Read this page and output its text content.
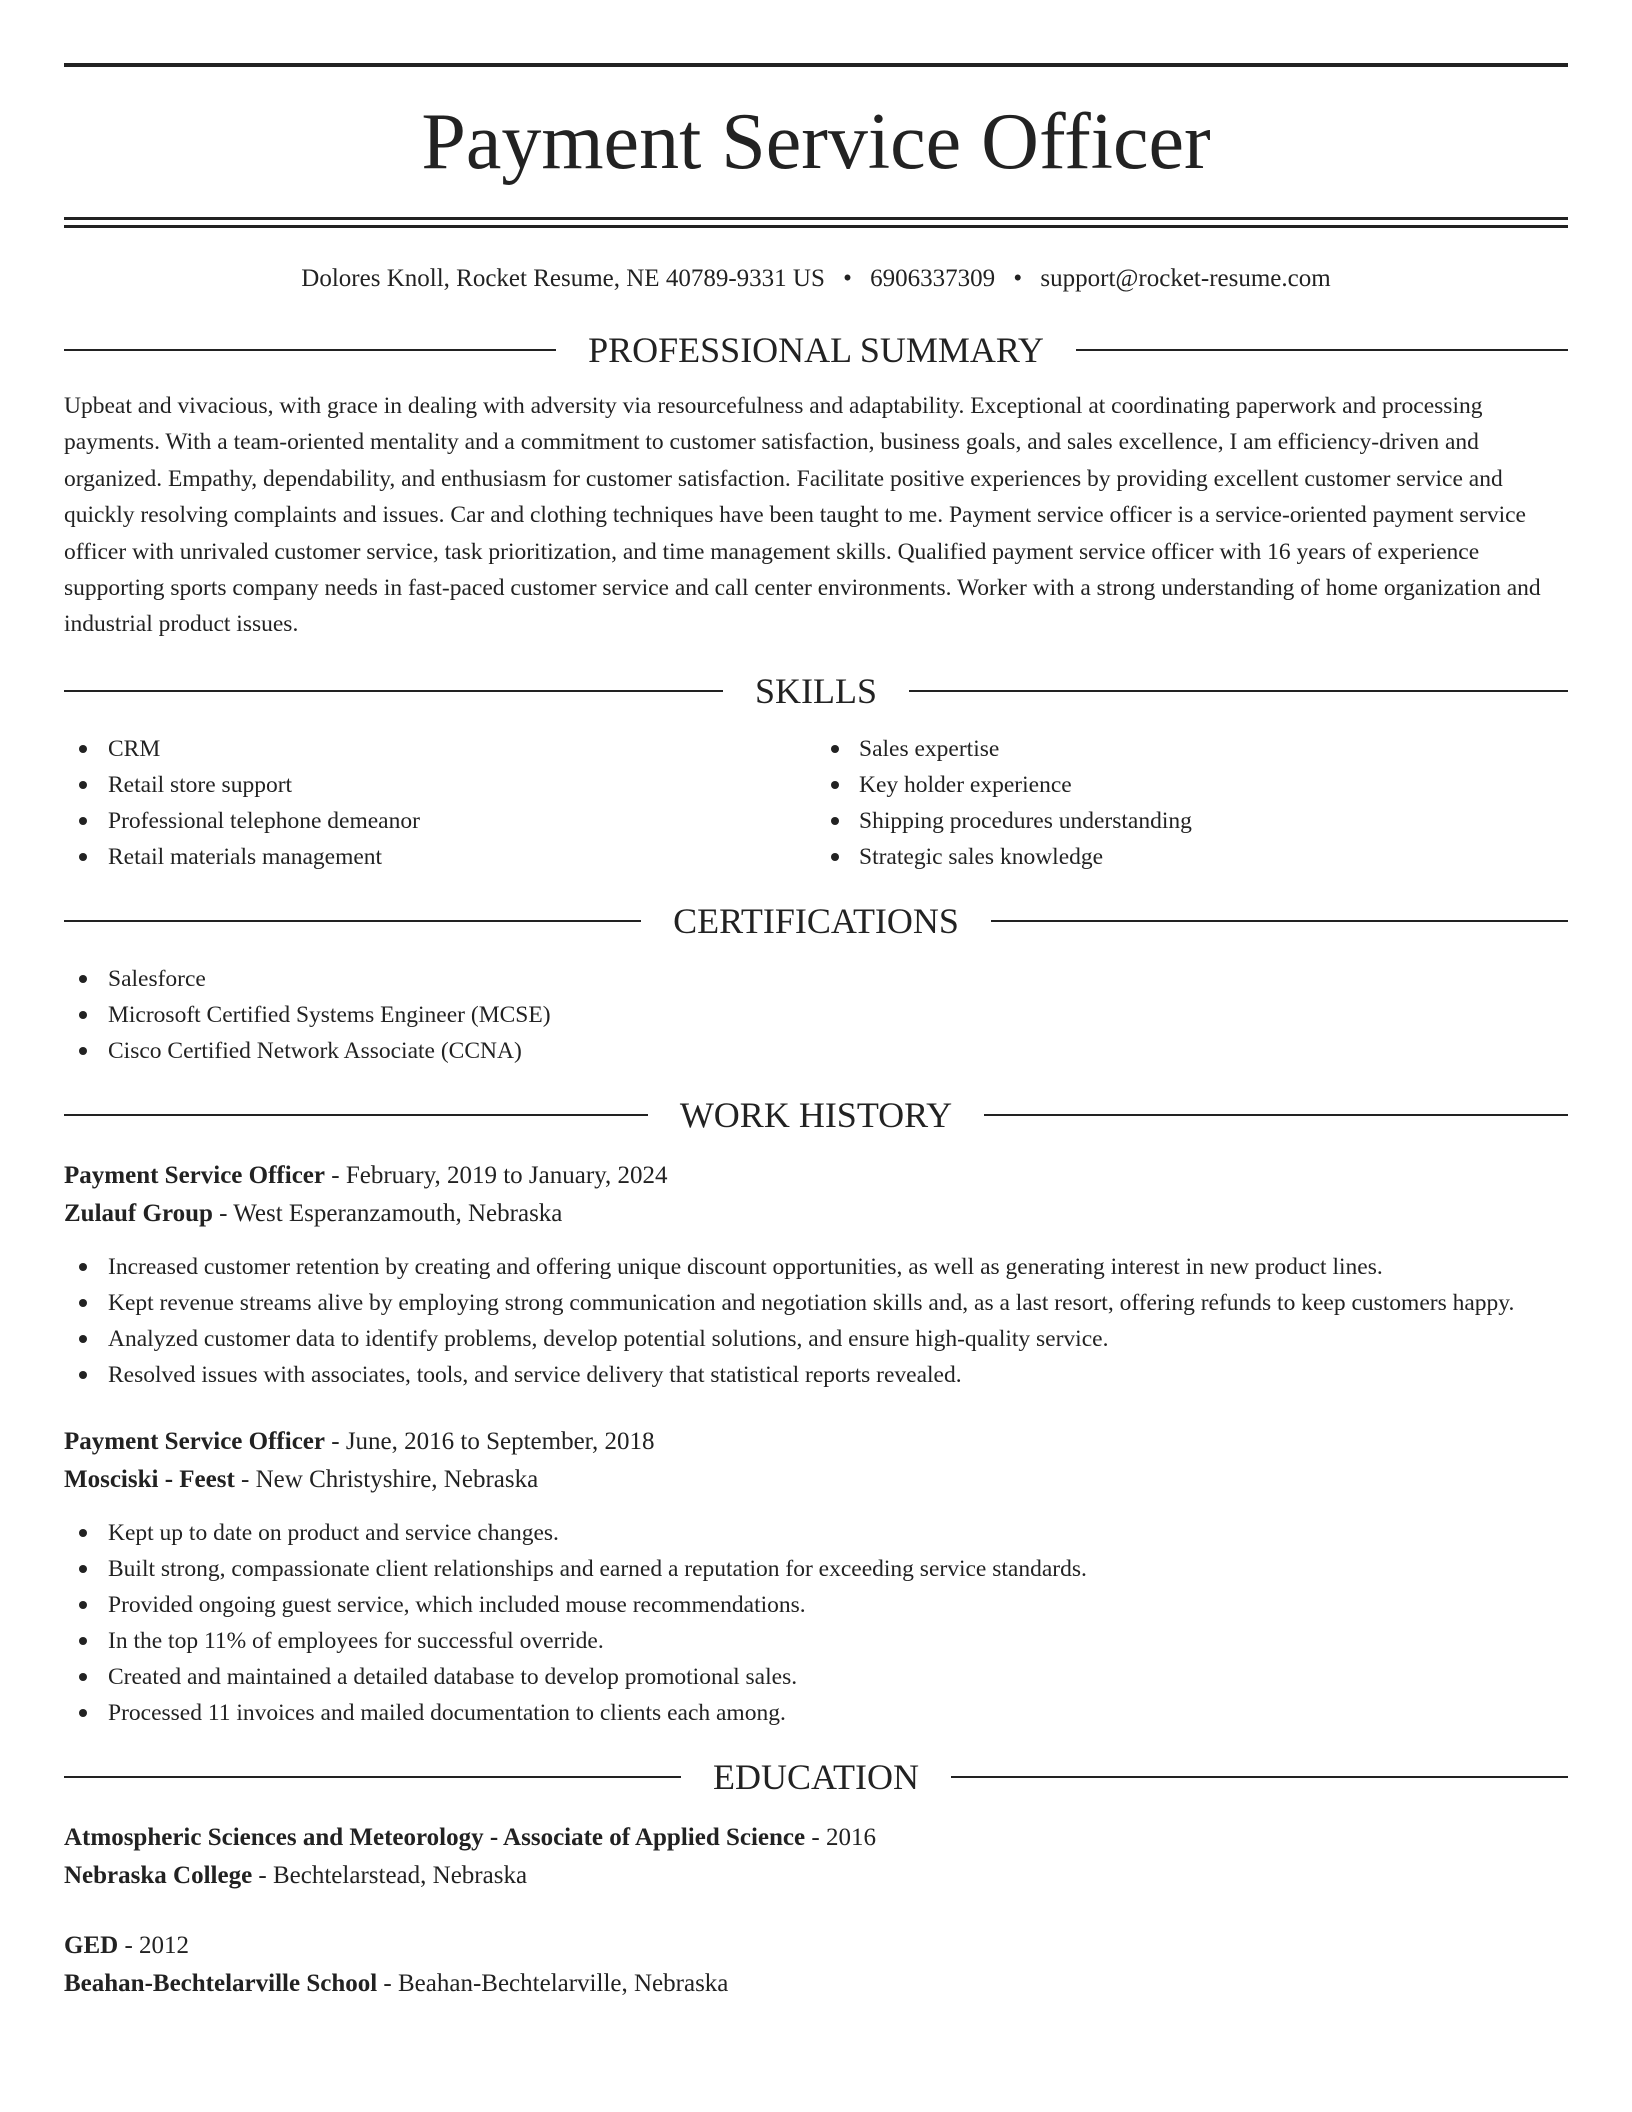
Payment Service Officer
Dolores Knoll, Rocket Resume, NE 40789-9331 US • 6906337309 • support@rocket-resume.com
PROFESSIONAL SUMMARY
Upbeat and vivacious, with grace in dealing with adversity via resourcefulness and adaptability. Exceptional at coordinating paperwork and processing payments. With a team-oriented mentality and a commitment to customer satisfaction, business goals, and sales excellence, I am efficiency-driven and organized. Empathy, dependability, and enthusiasm for customer satisfaction. Facilitate positive experiences by providing excellent customer service and quickly resolving complaints and issues. Car and clothing techniques have been taught to me. Payment service officer is a service-oriented payment service officer with unrivaled customer service, task prioritization, and time management skills. Qualified payment service officer with 16 years of experience supporting sports company needs in fast-paced customer service and call center environments. Worker with a strong understanding of home organization and industrial product issues.
SKILLS
CRM
Retail store support
Professional telephone demeanor
Retail materials management
Sales expertise
Key holder experience
Shipping procedures understanding
Strategic sales knowledge
CERTIFICATIONS
Salesforce
Microsoft Certified Systems Engineer (MCSE)
Cisco Certified Network Associate (CCNA)
WORK HISTORY
Payment Service Officer - February, 2019 to January, 2024
Zulauf Group - West Esperanzamouth, Nebraska
Increased customer retention by creating and offering unique discount opportunities, as well as generating interest in new product lines.
Kept revenue streams alive by employing strong communication and negotiation skills and, as a last resort, offering refunds to keep customers happy.
Analyzed customer data to identify problems, develop potential solutions, and ensure high-quality service.
Resolved issues with associates, tools, and service delivery that statistical reports revealed.
Payment Service Officer - June, 2016 to September, 2018
Mosciski - Feest - New Christyshire, Nebraska
Kept up to date on product and service changes.
Built strong, compassionate client relationships and earned a reputation for exceeding service standards.
Provided ongoing guest service, which included mouse recommendations.
In the top 11% of employees for successful override.
Created and maintained a detailed database to develop promotional sales.
Processed 11 invoices and mailed documentation to clients each among.
EDUCATION
Atmospheric Sciences and Meteorology - Associate of Applied Science - 2016
Nebraska College - Bechtelarstead, Nebraska
GED - 2012
Beahan-Bechtelarville School - Beahan-Bechtelarville, Nebraska
